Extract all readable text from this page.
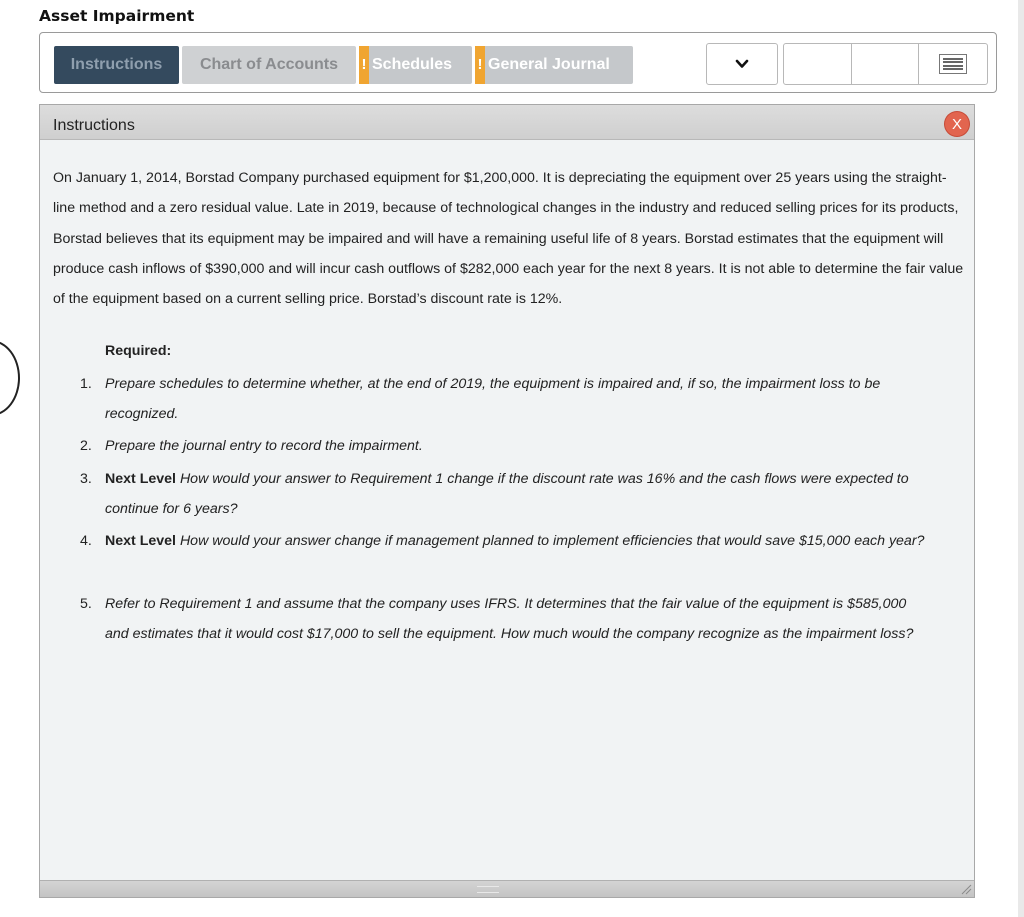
Asset Impairment
Instructions	Chart of Accounts	! Schedules ! General Journal
Instructions	X
On January 1, 2014, Borstad Company purchased equipment for $1,200,000. It is depreciating the equipment over 25 years using the straight-line method and a zero residual value. Late in 2019, because of technological changes in the industry and reduced selling prices for its products, Borstad believes that its equipment may be impaired and will have a remaining useful life of 8 years. Borstad estimates that the equipment will produce cash inflows of $390,000 and will incur cash outflows of $282,000 each year for the next 8 years. It is not able to determine the fair value of the equipment based on a current selling price. Borstad’s discount rate is 12%.
Required:
1. Prepare schedules to determine whether, at the end of 2019, the equipment is impaired and, if so, the impairment loss to be recognized.
2. Prepare the journal entry to record the impairment.
3. Next Level How would your answer to Requirement 1 change if the discount rate was 16% and the cash flows were expected to continue for 6 years?
4. Next Level How would your answer change if management planned to implement efficiencies that would save $15,000 each year?
5. Refer to Requirement 1 and assume that the company uses IFRS. It determines that the fair value of the equipment is $585,000 and estimates that it would cost $17,000 to sell the equipment. How much would the company recognize as the impairment loss?
